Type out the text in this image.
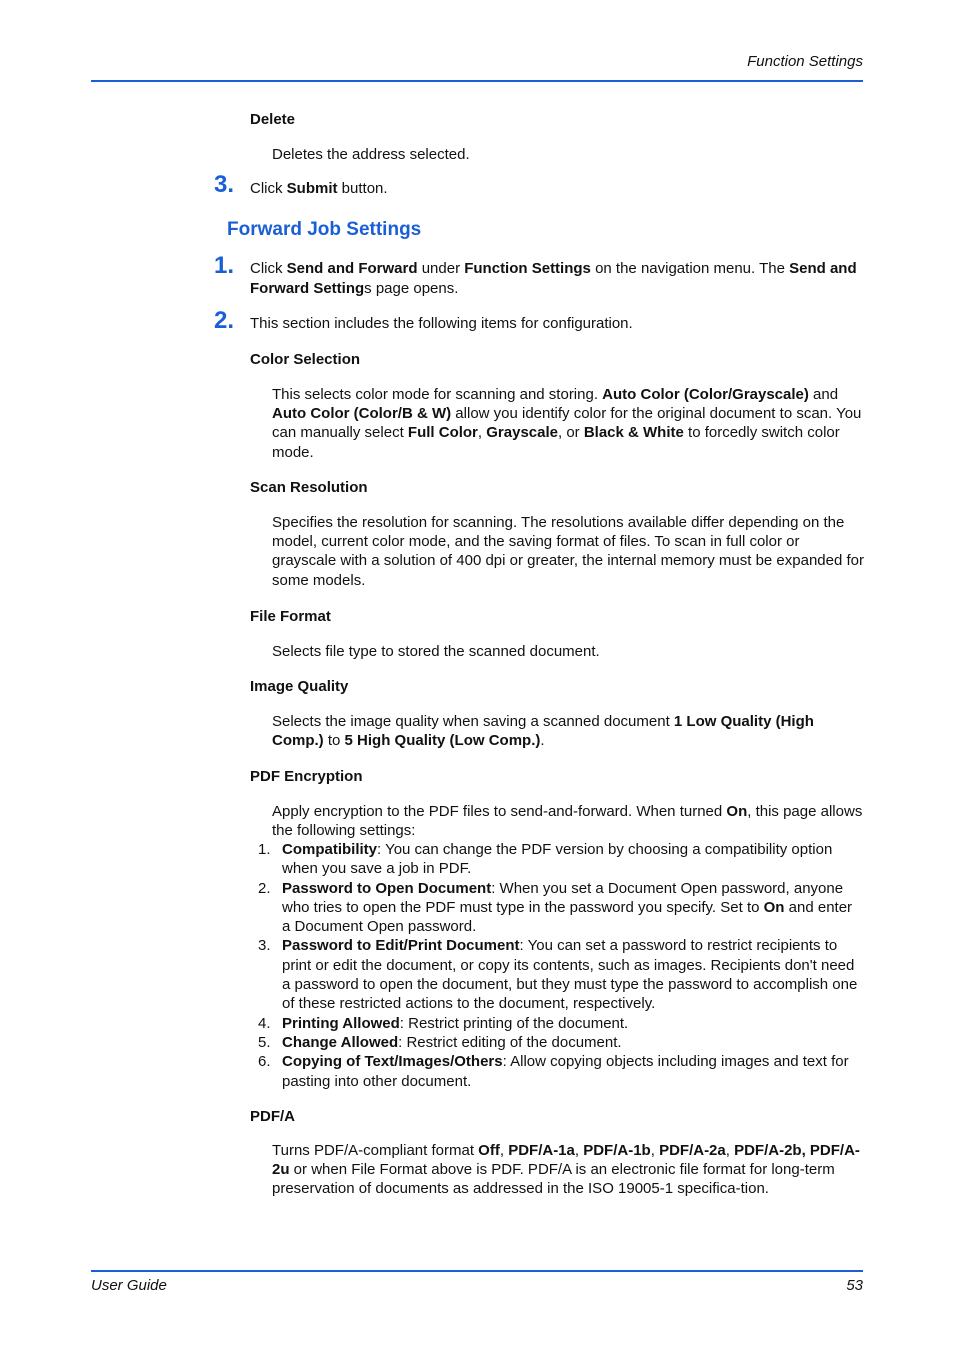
Function Settings
Delete
Deletes the address selected.
3. Click Submit button.
Forward Job Settings
1. Click Send and Forward under Function Settings on the navigation menu. The Send and Forward Settings page opens.
2. This section includes the following items for configuration.
Color Selection
This selects color mode for scanning and storing. Auto Color (Color/Grayscale) and Auto Color (Color/B & W) allow you identify color for the original document to scan. You can manually select Full Color, Grayscale, or Black & White to forcedly switch color mode.
Scan Resolution
Specifies the resolution for scanning. The resolutions available differ depending on the model, current color mode, and the saving format of files. To scan in full color or grayscale with a solution of 400 dpi or greater, the internal memory must be expanded for some models.
File Format
Selects file type to stored the scanned document.
Image Quality
Selects the image quality when saving a scanned document 1 Low Quality (High Comp.) to 5 High Quality (Low Comp.).
PDF Encryption
Apply encryption to the PDF files to send-and-forward. When turned On, this page allows the following settings:
1. Compatibility: You can change the PDF version by choosing a compatibility option when you save a job in PDF.
2. Password to Open Document: When you set a Document Open password, anyone who tries to open the PDF must type in the password you specify. Set to On and enter a Document Open password.
3. Password to Edit/Print Document: You can set a password to restrict recipients to print or edit the document, or copy its contents, such as images. Recipients don't need a password to open the document, but they must type the password to accomplish one of these restricted actions to the document, respectively.
4. Printing Allowed: Restrict printing of the document.
5. Change Allowed: Restrict editing of the document.
6. Copying of Text/Images/Others: Allow copying objects including images and text for pasting into other document.
PDF/A
Turns PDF/A-compliant format Off, PDF/A-1a, PDF/A-1b, PDF/A-2a, PDF/A-2b, PDF/A-2u or when File Format above is PDF. PDF/A is an electronic file format for long-term preservation of documents as addressed in the ISO 19005-1 specifica-tion.
User Guide	53
